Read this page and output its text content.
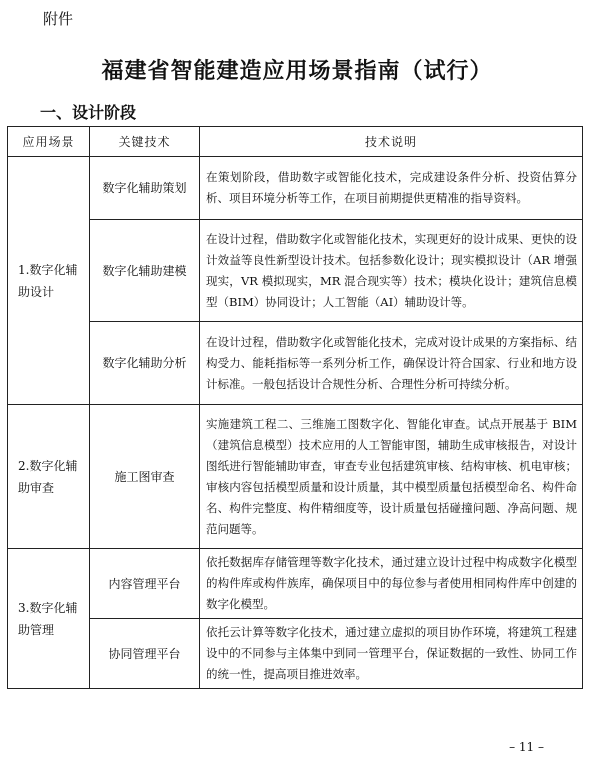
附件
福建省智能建造应用场景指南（试行）
一、设计阶段
应用场景	关键技术	技术说明
1.数字化辅助设计	数字化辅助策划	在策划阶段，借助数字或智能化技术，完成建设条件分析、投资估算分析、项目环境分析等工作，在项目前期提供更精准的指导资料。
	数字化辅助建模	在设计过程，借助数字化或智能化技术，实现更好的设计成果、更快的设计效益等良性新型设计技术。包括参数化设计；现实模拟设计（AR 增强现实，VR 模拟现实，MR 混合现实等）技术；模块化设计；建筑信息模型（BIM）协同设计；人工智能（AI）辅助设计等。
	数字化辅助分析	在设计过程，借助数字化或智能化技术，完成对设计成果的方案指标、结构受力、能耗指标等一系列分析工作，确保设计符合国家、行业和地方设计标准。一般包括设计合规性分析、合理性分析可持续分析。
2.数字化辅助审查	施工图审查	实施建筑工程二、三维施工图数字化、智能化审查。试点开展基于 BIM（建筑信息模型）技术应用的人工智能审图，辅助生成审核报告，对设计图纸进行智能辅助审查，审查专业包括建筑审核、结构审核、机电审核；审核内容包括模型质量和设计质量，其中模型质量包括模型命名、构件命名、构件完整度、构件精细度等，设计质量包括碰撞问题、净高问题、规范问题等。
3.数字化辅助管理	内容管理平台	依托数据库存储管理等数字化技术，通过建立设计过程中构成数字化模型的构件库或构件族库，确保项目中的每位参与者使用相同构件库中创建的数字化模型。
	协同管理平台	依托云计算等数字化技术，通过建立虚拟的项目协作环境，将建筑工程建设中的不同参与主体集中到同一管理平台，保证数据的一致性、协同工作的统一性，提高项目推进效率。
– 11 –
